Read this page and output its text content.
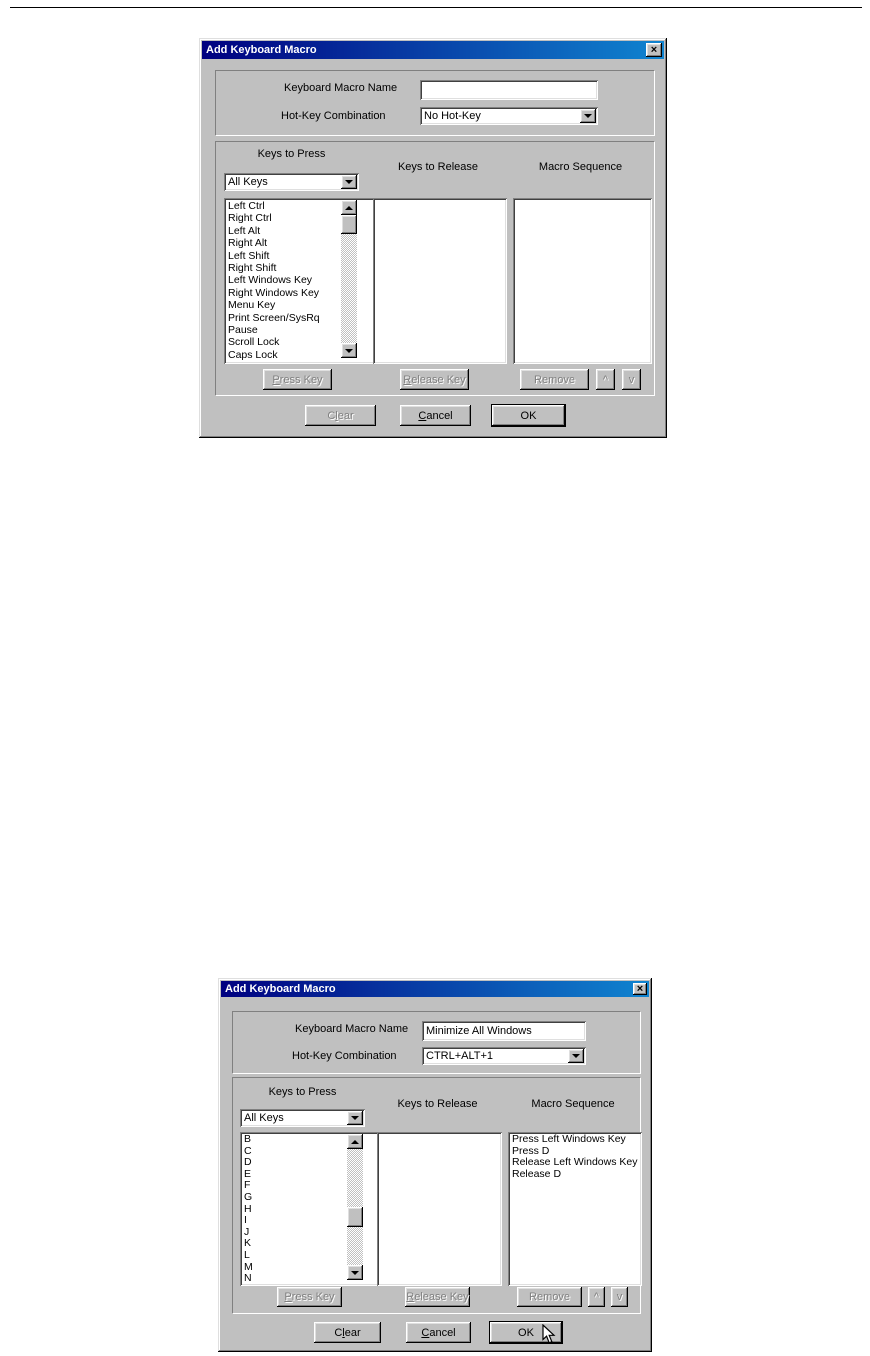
Add Keyboard Macro	×
Keyboard Macro Name
Hot-Key Combination	No Hot-Key
Keys to Press
All Keys
Left Ctrl
Right Ctrl
Left Alt
Right Alt
Left Shift
Right Shift
Left Windows Key
Right Windows Key
Menu Key
Print Screen/SysRq
Pause
Scroll Lock
Caps Lock
Keys to Release	Macro Sequence
P ress Key	R elease Key	Remove	^	v
C l ear	C ancel	OK
Add Keyboard Macro	×
Keyboard Macro Name
Minimize All Windows
Hot-Key Combination	CTRL+ALT+1
Keys to Press
All Keys
B
C
D
E
F
G
H
I
J
K
L
M
N
Keys to Release	Macro Sequence
Press Left Windows Key
Press D
Release Left Windows Key
Release D
P ress Key	R elease Key	Remove	^	v
C l ear	C ancel	OK
